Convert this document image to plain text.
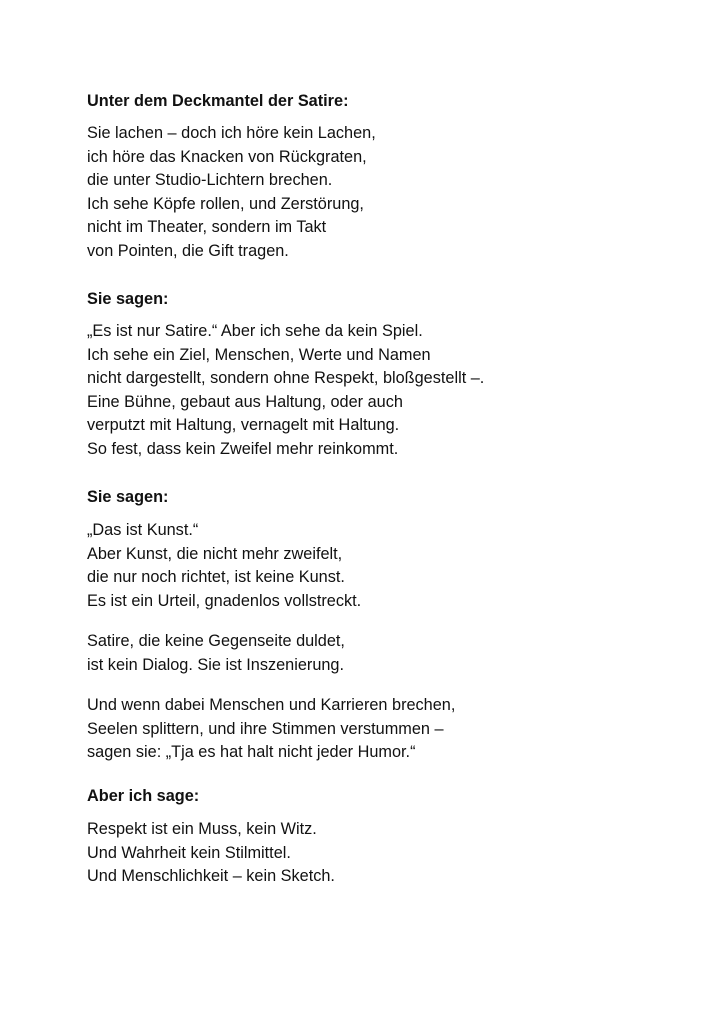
Unter dem Deckmantel der Satire:

Sie lachen – doch ich höre kein Lachen,
ich höre das Knacken von Rückgraten,
die unter Studio-Lichtern brechen.
Ich sehe Köpfe rollen, und Zerstörung,
nicht im Theater, sondern im Takt
von Pointen, die Gift tragen.

Sie sagen:

„Es ist nur Satire.“ Aber ich sehe da kein Spiel.
Ich sehe ein Ziel, Menschen, Werte und Namen
nicht dargestellt, sondern ohne Respekt, bloßgestellt –.
Eine Bühne, gebaut aus Haltung, oder auch
verputzt mit Haltung, vernagelt mit Haltung.
So fest, dass kein Zweifel mehr reinkommt.

Sie sagen:

„Das ist Kunst.“
Aber Kunst, die nicht mehr zweifelt,
die nur noch richtet, ist keine Kunst.
Es ist ein Urteil, gnadenlos vollstreckt.

Satire, die keine Gegenseite duldet,
ist kein Dialog. Sie ist Inszenierung.

Und wenn dabei Menschen und Karrieren brechen,
Seelen splittern, und ihre Stimmen verstummen –
sagen sie: „Tja es hat halt nicht jeder Humor.“

Aber ich sage:

Respekt ist ein Muss, kein Witz.
Und Wahrheit kein Stilmittel.
Und Menschlichkeit – kein Sketch.
